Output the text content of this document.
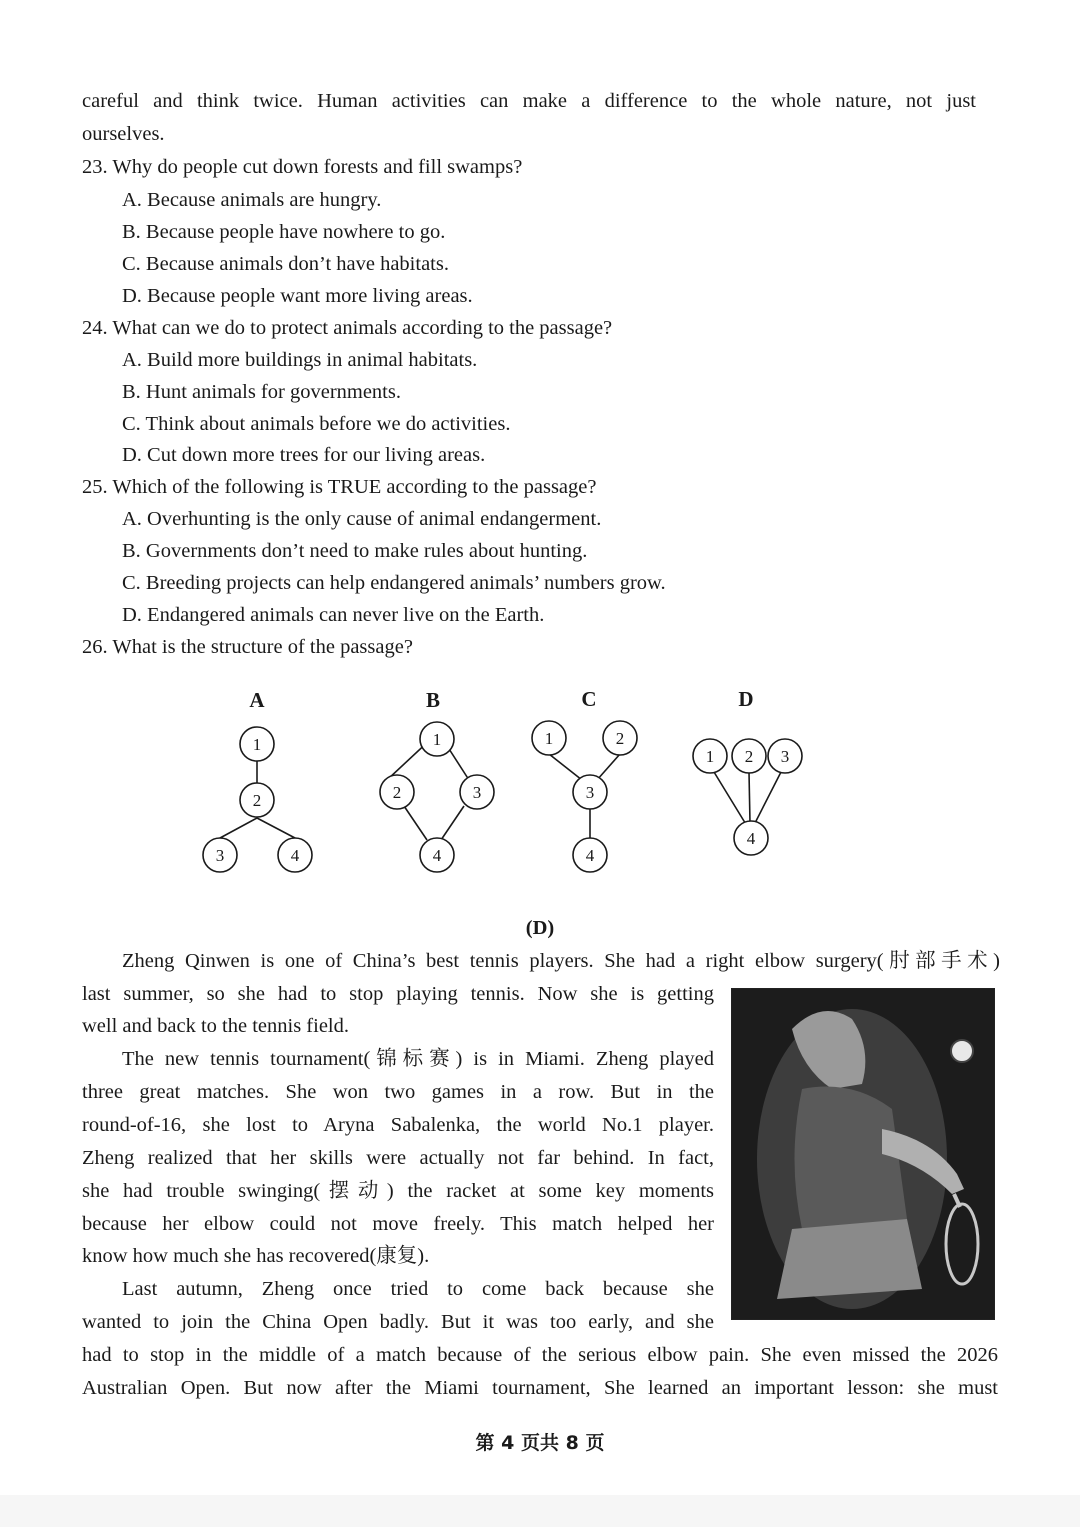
careful and think twice. Human activities can make a difference to the whole nature, not just
ourselves.
23. Why do people cut down forests and fill swamps?
A. Because animals are hungry.
B. Because people have nowhere to go.
C. Because animals don’t have habitats.
D. Because people want more living areas.
24. What can we do to protect animals according to the passage?
A. Build more buildings in animal habitats.
B. Hunt animals for governments.
C. Think about animals before we do activities.
D. Cut down more trees for our living areas.
25. Which of the following is TRUE according to the passage?
A. Overhunting is the only cause of animal endangerment.
B. Governments don’t need to make rules about hunting.
C. Breeding projects can help endangered animals’ numbers grow.
D. Endangered animals can never live on the Earth.
26. What is the structure of the passage?
A	B	C	D
1
2
3	4
1
2	3
4
1	2
3
4
1 2 3
4
(D)
Zheng Qinwen is one of China’s best tennis players. She had a right elbow surgery(肘部手术)
last summer, so she had to stop playing tennis. Now she is getting
well and back to the tennis field.
The new tennis tournament(锦标赛) is in Miami. Zheng played
three great matches. She won two games in a row. But in the
round-of-16, she lost to Aryna Sabalenka, the world No.1 player.
Zheng realized that her skills were actually not far behind. In fact,
she had trouble swinging(摆动) the racket at some key moments
because her elbow could not move freely. This match helped her
know how much she has recovered(康复).
Last autumn, Zheng once tried to come back because she
wanted to join the China Open badly. But it was too early, and she
had to stop in the middle of a match because of the serious elbow pain. She even missed the 2026
Australian Open. But now after the Miami tournament, She learned an important lesson: she must
第 4 页共 8 页
